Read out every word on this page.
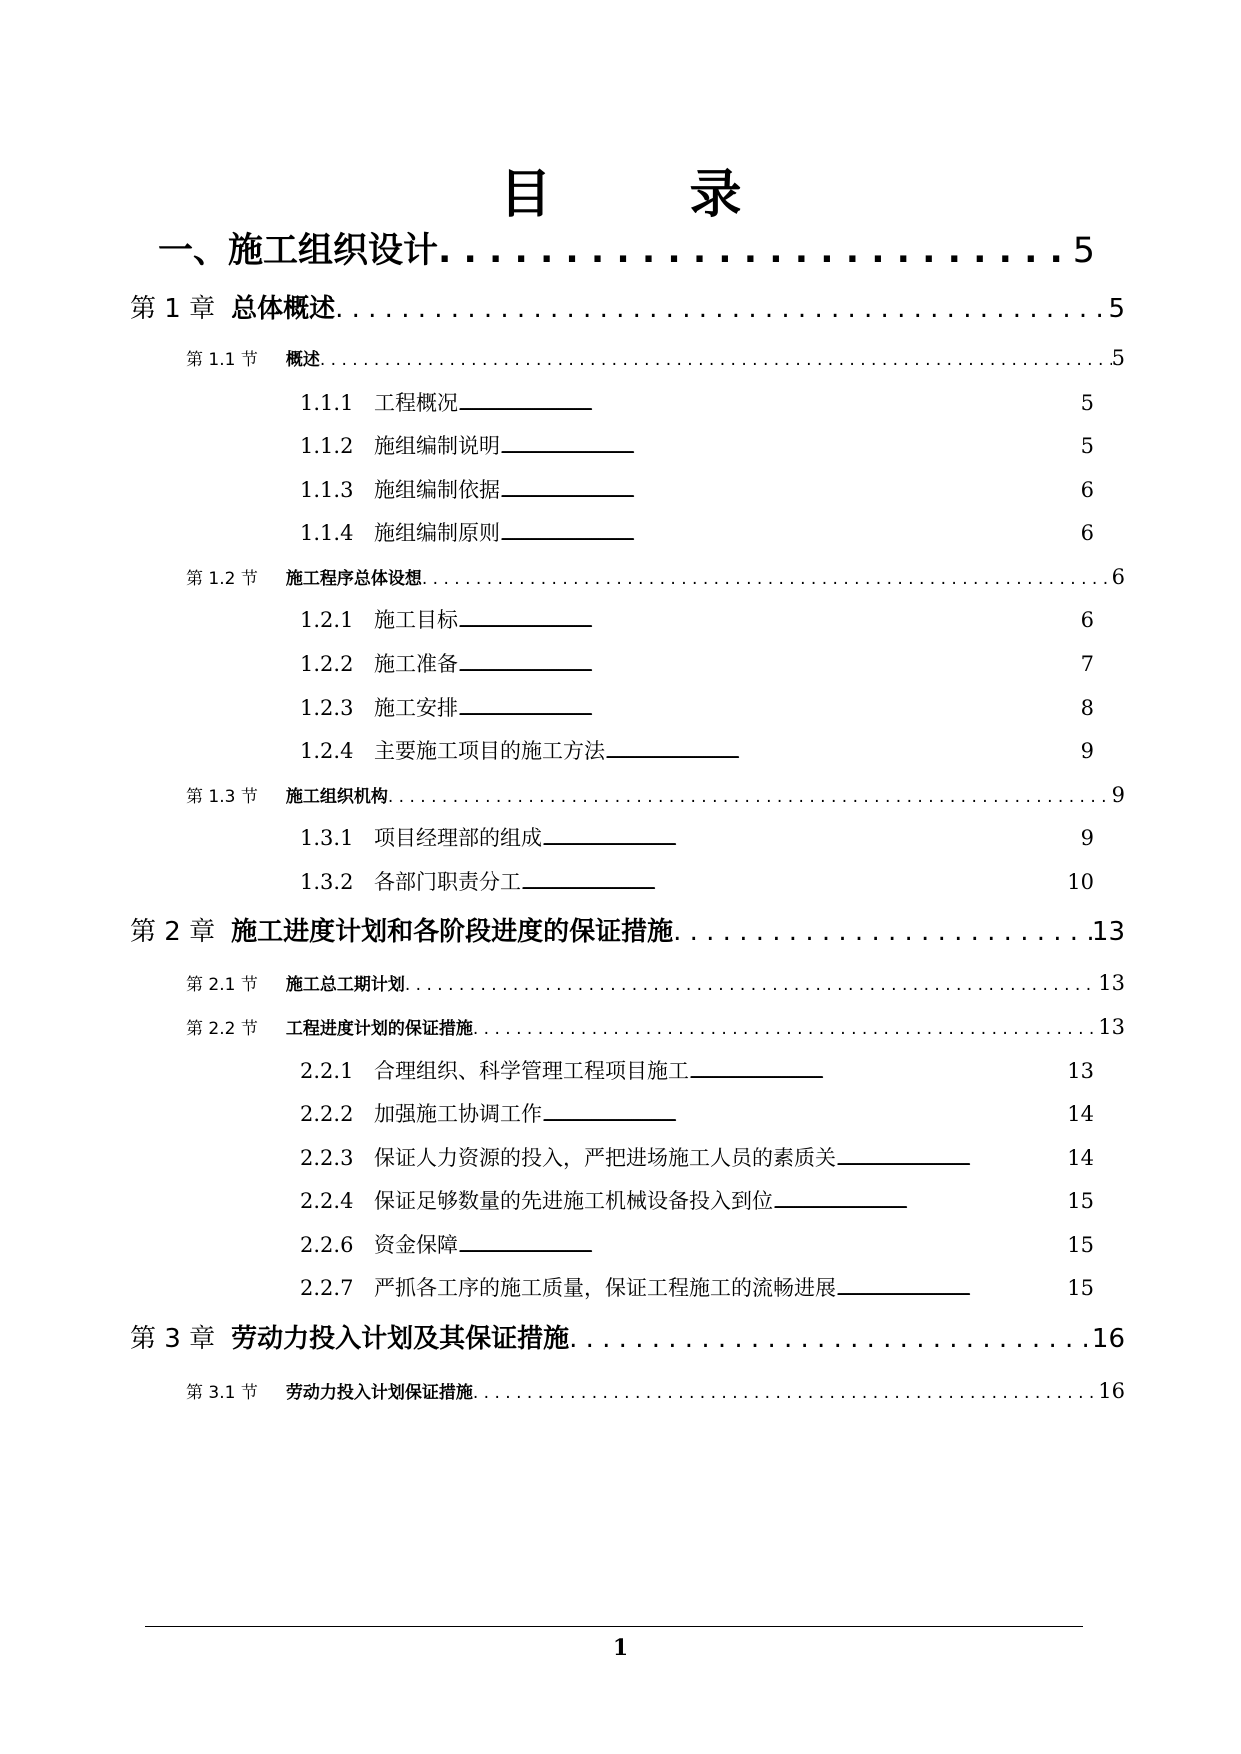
目 录
一、施工组织设计 . . .	5
第 1 章 总体概述 . . .	5
第 1.1 节 概述 . . .	5
1.1.1 工程概况 .....	5
1.1.2 施组编制说明 .....	5
1.1.3 施组编制依据 .....	6
1.1.4 施组编制原则 .....	6
第 1.2 节 施工程序总体设想 . . .	6
1.2.1 施工目标 .....	6
1.2.2 施工准备 .....	7
1.2.3 施工安排 .....	8
1.2.4 主要施工项目的施工方法 .....	9
第 1.3 节 施工组织机构 . . .	9
1.3.1 项目经理部的组成 .....	9
1.3.2 各部门职责分工 .....	10
第 2 章 施工进度计划和各阶段进度的保证措施 . . .	13
第 2.1 节 施工总工期计划 . . .	13
第 2.2 节 工程进度计划的保证措施 . . .	13
2.2.1 合理组织、科学管理工程项目施工 .....	13
2.2.2 加强施工协调工作 .....	14
2.2.3 保证人力资源的投入，严把进场施工人员的素质关 .....	14
2.2.4 保证足够数量的先进施工机械设备投入到位 .....	15
2.2.6 资金保障 .....	15
2.2.7 严抓各工序的施工质量，保证工程施工的流畅进展 .....	15
第 3 章 劳动力投入计划及其保证措施 . . .	16
第 3.1 节 劳动力投入计划保证措施 . . .	16
1
